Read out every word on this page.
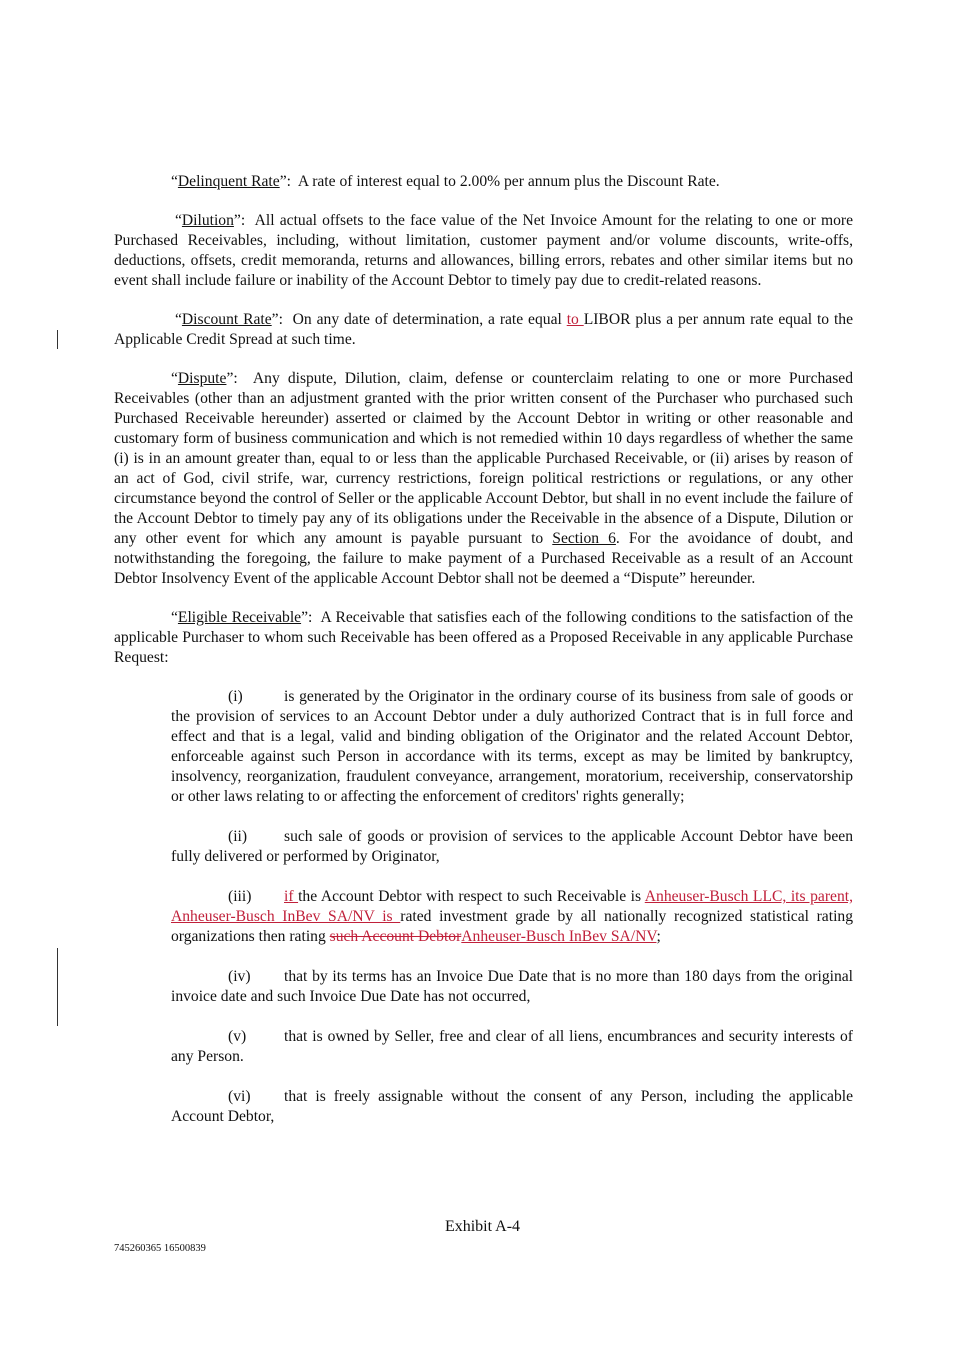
“Delinquent Rate”: A rate of interest equal to 2.00% per annum plus the Discount Rate.

“Dilution”: All actual offsets to the face value of the Net Invoice Amount for the relating to one or more Purchased Receivables, including, without limitation, customer payment and/or volume discounts, write-offs, deductions, offsets, credit memoranda, returns and allowances, billing errors, rebates and other similar items but no event shall include failure or inability of the Account Debtor to timely pay due to credit-related reasons.

“Discount Rate”: On any date of determination, a rate equal to LIBOR plus a per annum rate equal to the Applicable Credit Spread at such time.

“Dispute”: Any dispute, Dilution, claim, defense or counterclaim relating to one or more Purchased Receivables (other than an adjustment granted with the prior written consent of the Purchaser who purchased such Purchased Receivable hereunder) asserted or claimed by the Account Debtor in writing or other reasonable and customary form of business communication and which is not remedied within 10 days regardless of whether the same (i) is in an amount greater than, equal to or less than the applicable Purchased Receivable, or (ii) arises by reason of an act of God, civil strife, war, currency restrictions, foreign political restrictions or regulations, or any other circumstance beyond the control of Seller or the applicable Account Debtor, but shall in no event include the failure of the Account Debtor to timely pay any of its obligations under the Receivable in the absence of a Dispute, Dilution or any other event for which any amount is payable pursuant to Section 6. For the avoidance of doubt, and notwithstanding the foregoing, the failure to make payment of a Purchased Receivable as a result of an Account Debtor Insolvency Event of the applicable Account Debtor shall not be deemed a “Dispute” hereunder.

“Eligible Receivable”: A Receivable that satisfies each of the following conditions to the satisfaction of the applicable Purchaser to whom such Receivable has been offered as a Proposed Receivable in any applicable Purchase Request:

(i)	is generated by the Originator in the ordinary course of its business from sale of goods or the provision of services to an Account Debtor under a duly authorized Contract that is in full force and effect and that is a legal, valid and binding obligation of the Originator and the related Account Debtor, enforceable against such Person in accordance with its terms, except as may be limited by bankruptcy, insolvency, reorganization, fraudulent conveyance, arrangement, moratorium, receivership, conservatorship or other laws relating to or affecting the enforcement of creditors' rights generally;

(ii) such sale of goods or provision of services to the applicable Account Debtor have been fully delivered or performed by Originator,

(iii) if the Account Debtor with respect to such Receivable is Anheuser-Busch LLC, its parent, Anheuser-Busch InBev SA/NV is rated investment grade by all nationally recognized statistical rating organizations then rating such Account DebtorAnheuser-Busch InBev SA/NV;

(iv) that by its terms has an Invoice Due Date that is no more than 180 days from the original invoice date and such Invoice Due Date has not occurred,

(v) that is owned by Seller, free and clear of all liens, encumbrances and security interests of any Person.

(vi) that is freely assignable without the consent of any Person, including the applicable Account Debtor,

Exhibit A-4
745260365 16500839
